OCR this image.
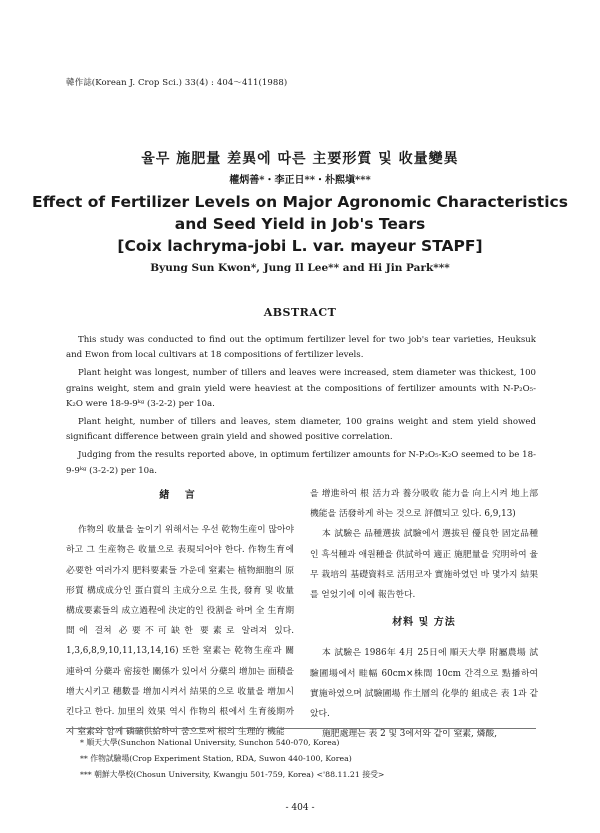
韓作誌(Korean J. Crop Sci.) 33(4) : 404～411(1988)
율무 施肥量 差異에 따른 主要形質 및 收量變異
權炳善*・李正日**・朴熙塡***
Effect of Fertilizer Levels on Major Agronomic Characteristics
and Seed Yield in Job's Tears
[Coix lachryma-jobi L. var. mayeur STAPF]
Byung Sun Kwon*, Jung Il Lee** and Hi Jin Park***
ABSTRACT

This study was conducted to find out the optimum fertilizer level for two job's tear varieties, Heuksuk and Ewon from local cultivars at 18 compositions of fertilizer levels.

Plant height was longest, number of tillers and leaves were increased, stem diameter was thickest, 100 grains weight, stem and grain yield were heaviest at the compositions of fertilizer amounts with N-P₂O₅-K₂O were 18-9-9ᵏᵍ (3-2-2) per 10a.

Plant height, number of tillers and leaves, stem diameter, 100 grains weight and stem yield showed significant difference between grain yield and showed positive correlation.

Judging from the results reported above, in optimum fertilizer amounts for N-P₂O₅-K₂O seemed to be 18-9-9ᵏᵍ (3-2-2) per 10a.

緖 言

作物의 收量을 높이기 위해서는 우선 乾物生産이 많아야 하고 그 生産物은 收量으로 表現되어야 한다. 作物生育에 必要한 여러가지 肥料要素들 가운데 窒素는 植物細胞의 原形質 構成成分인 蛋白質의 主成分으로 生長, 發育 및 收量 構成要素들의 成立過程에 決定的인 役割을 하며 全 生育期間에 걸쳐 必要不可缺한 要素로 알려져 있다. 1,3,6,8,9,10,11,13,14,16) 또한 窒素는 乾物生産과 關連하여 分蘗과 密接한 關係가 있어서 分蘗의 增加는 面積을 增大시키고 穗數를 增加시켜서 結果的으로 收量을 增加시킨다고 한다. 加里의 效果 역시 作物의 根에서 生育後期까지 窒素와 함께 磷礦供給하여 줌으로써 根의 生理的 機能

을 增進하여 根 活力과 養分吸收 能力을 向上시켜 地上部 機能을 活發하게 하는 것으로 評價되고 있다. 6,9,13)

本 試驗은 品種選拔 試驗에서 選拔된 優良한 固定品種인 흑석種과 애원種을 供試하여 適正 施肥量을 究明하여 율무 栽培의 基礎資料로 活用코자 實施하였던 바 몇가지 結果를 얻었기에 이에 報告한다.

材料 및 方法

本 試驗은 1986年 4月 25日에 順天大學 附屬農場 試驗圃場에서 畦幅 60cm×株間 10cm 간격으로 點播하여 實施하였으며 試驗圃場 作土層의 化學的 組成은 表 1과 같았다.

施肥處理는 表 2 및 3에서와 같이 窒素, 燐酸,

* 順天大學(Sunchon National University, Sunchon 540-070, Korea)
** 作物試驗場(Crop Experiment Station, RDA, Suwon 440-100, Korea)
*** 朝鮮大學校(Chosun University, Kwangju 501-759, Korea) <'88.11.21 接受>
- 404 -
